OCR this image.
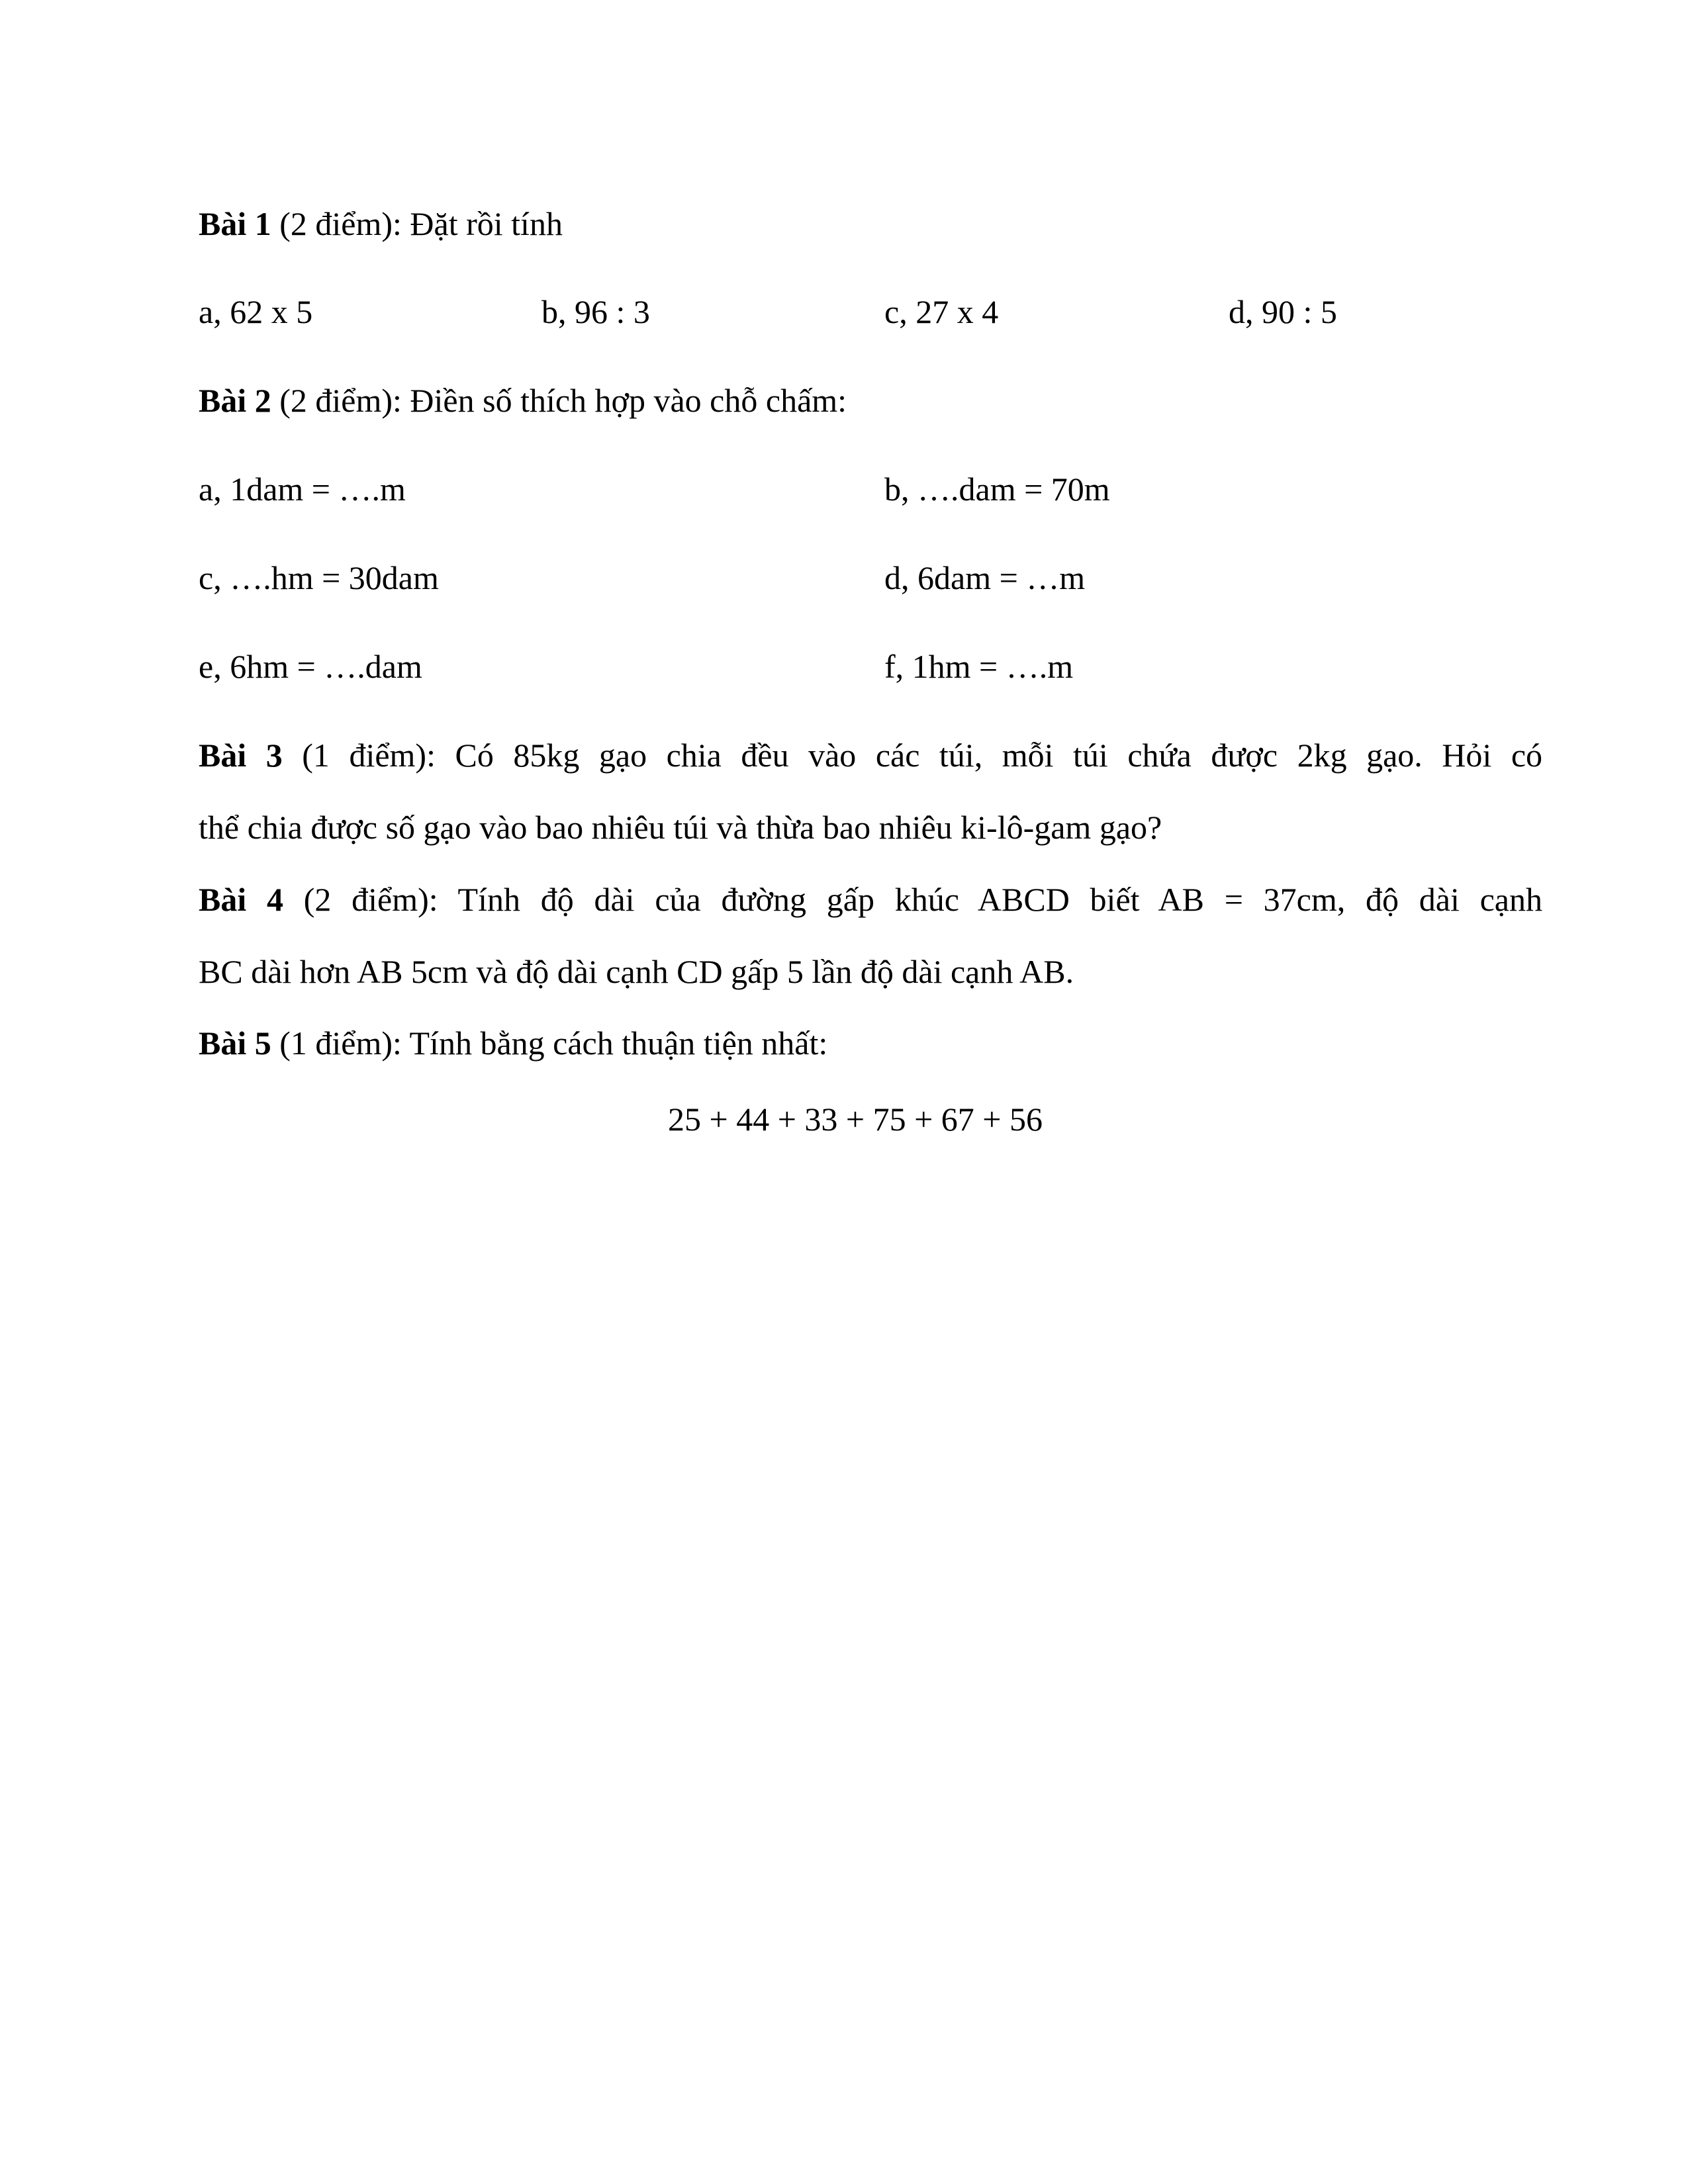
Bài 1 (2 điểm): Đặt rồi tính
a, 62 x 5	b, 96 : 3	c, 27 x 4	d, 90 : 5
Bài 2 (2 điểm): Điền số thích hợp vào chỗ chấm:
a, 1dam = ….m	b, ….dam = 70m
c, ….hm = 30dam	d, 6dam = …m
e, 6hm = ….dam	f, 1hm = ….m
Bài 3 (1 điểm): Có 85kg gạo chia đều vào các túi, mỗi túi chứa được 2kg gạo. Hỏi có
thể chia được số gạo vào bao nhiêu túi và thừa bao nhiêu ki-lô-gam gạo?
Bài 4 (2 điểm): Tính độ dài của đường gấp khúc ABCD biết AB = 37cm, độ dài cạnh
BC dài hơn AB 5cm và độ dài cạnh CD gấp 5 lần độ dài cạnh AB.
Bài 5 (1 điểm): Tính bằng cách thuận tiện nhất:
25 + 44 + 33 + 75 + 67 + 56
